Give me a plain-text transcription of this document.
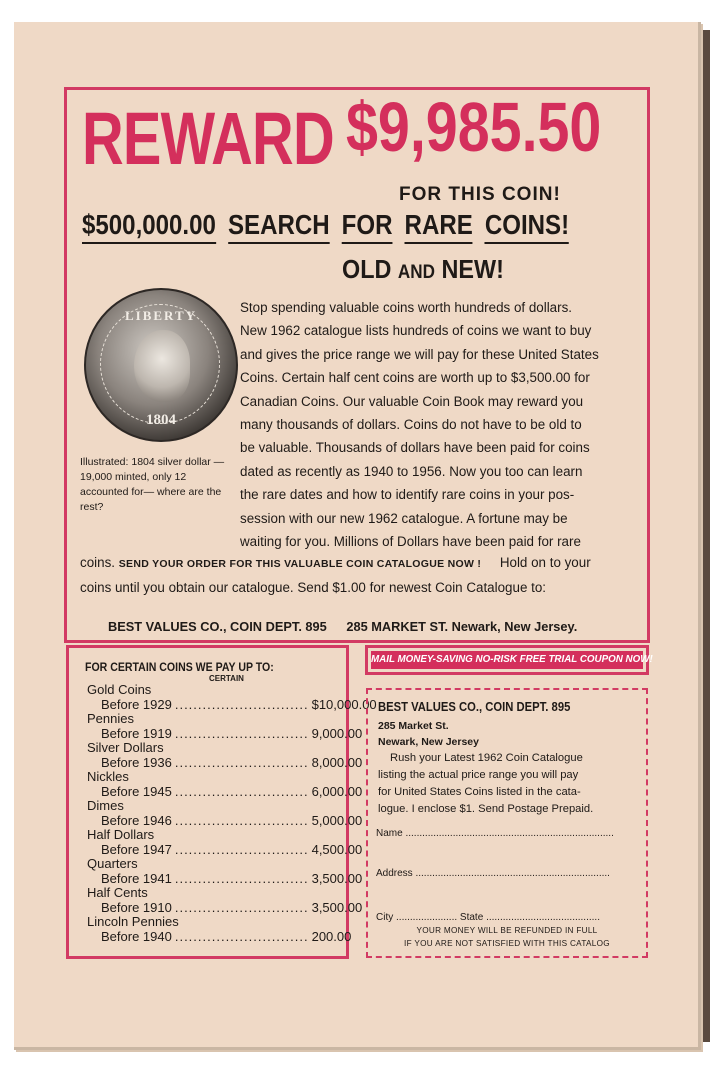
REWARD $9,985.50
FOR THIS COIN!
$500,000.00 SEARCH FOR RARE COINS!
OLD AND NEW!
LIBERTY
1804
Illustrated: 1804 silver dollar — 19,000 minted, only 12 accounted for— where are the rest?
Stop spending valuable coins worth hundreds of dollars.
New 1962 catalogue lists hundreds of coins we want to buy
and gives the price range we will pay for these United States
Coins. Certain half cent coins are worth up to $3,500.00 for
Canadian Coins. Our valuable Coin Book may reward you
many thousands of dollars. Coins do not have to be old to
be valuable. Thousands of dollars have been paid for coins
dated as recently as 1940 to 1956. Now you too can learn
the rare dates and how to identify rare coins in your pos-
session with our new 1962 catalogue. A fortune may be
waiting for you. Millions of Dollars have been paid for rare
coins. SEND YOUR ORDER FOR THIS VALUABLE COIN CATALOGUE NOW ! Hold on to your
coins until you obtain our catalogue. Send $1.00 for newest Coin Catalogue to:
BEST VALUES CO., COIN DEPT. 895 285 MARKET ST. Newark, New Jersey.
FOR CERTAIN COINS WE PAY UP TO:
CERTAIN
Gold Coins
Before 1929 ............................. $10,000.00
Pennies
Before 1919 ............................. 9,000.00
Silver Dollars
Before 1936 ............................. 8,000.00
Nickles
Before 1945 ............................. 6,000.00
Dimes
Before 1946 ............................. 5,000.00
Half Dollars
Before 1947 ............................. 4,500.00
Quarters
Before 1941 ............................. 3,500.00
Half Cents
Before 1910 ............................. 3,500.00
Lincoln Pennies
Before 1940 ............................. 200.00
MAIL MONEY-SAVING NO-RISK FREE TRIAL COUPON NOW!
BEST VALUES CO., COIN DEPT. 895
285 Market St.
Newark, New Jersey
Rush your Latest 1962 Coin Catalogue
listing the actual price range you will pay
for United States Coins listed in the cata-
logue. I enclose $1. Send Postage Prepaid.
Name ...........................................................................
Address ......................................................................
City ...................... State .........................................
YOUR MONEY WILL BE REFUNDED IN FULL
IF YOU ARE NOT SATISFIED WITH THIS CATALOG
